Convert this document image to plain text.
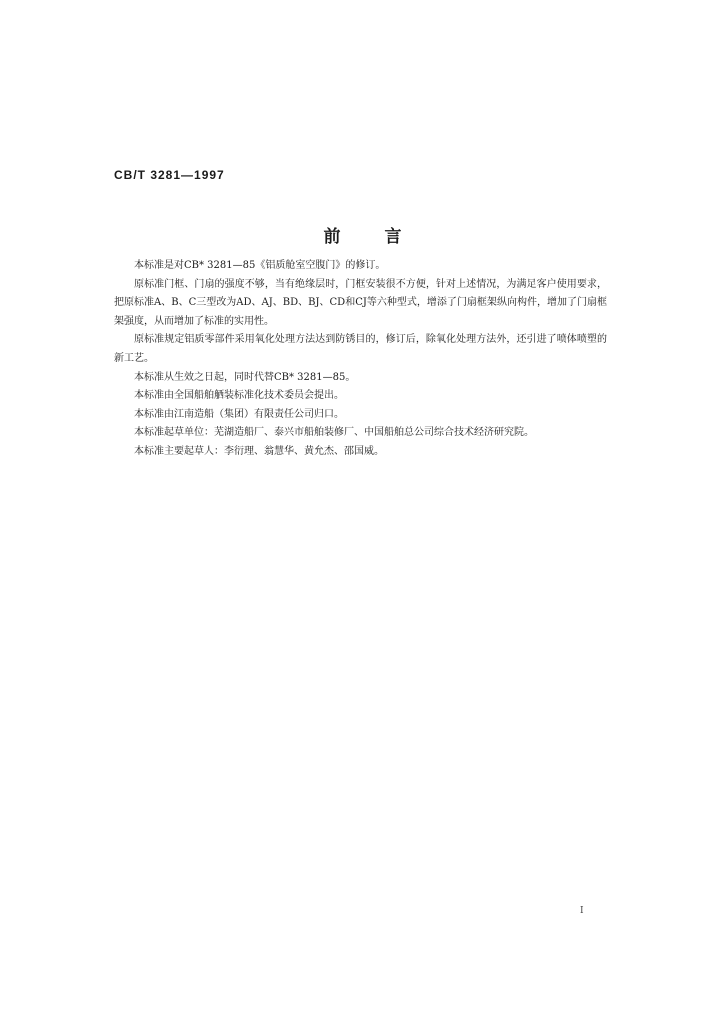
CB/T 3281—1997
前言

本标准是对CB* 3281—85《铝质舱室空腹门》的修订。

原标准门框、门扇的强度不够，当有绝缘层时，门框安装很不方便，针对上述情况，为满足客户使用要求，把原标准A、B、C三型改为AD、AJ、BD、BJ、CD和CJ等六种型式，增添了门扇框架纵向构件，增加了门扇框架强度，从而增加了标准的实用性。

原标准规定铝质零部件采用氧化处理方法达到防锈目的，修订后，除氧化处理方法外，还引进了喷体喷塑的新工艺。

本标准从生效之日起，同时代替CB* 3281—85。

本标准由全国船舶舾装标准化技术委员会提出。

本标准由江南造船（集团）有限责任公司归口。

本标准起草单位：芜湖造船厂、泰兴市船舶装修厂、中国船舶总公司综合技术经济研究院。

本标准主要起草人：李衍理、翁慧华、黄允杰、邵国威。

I
